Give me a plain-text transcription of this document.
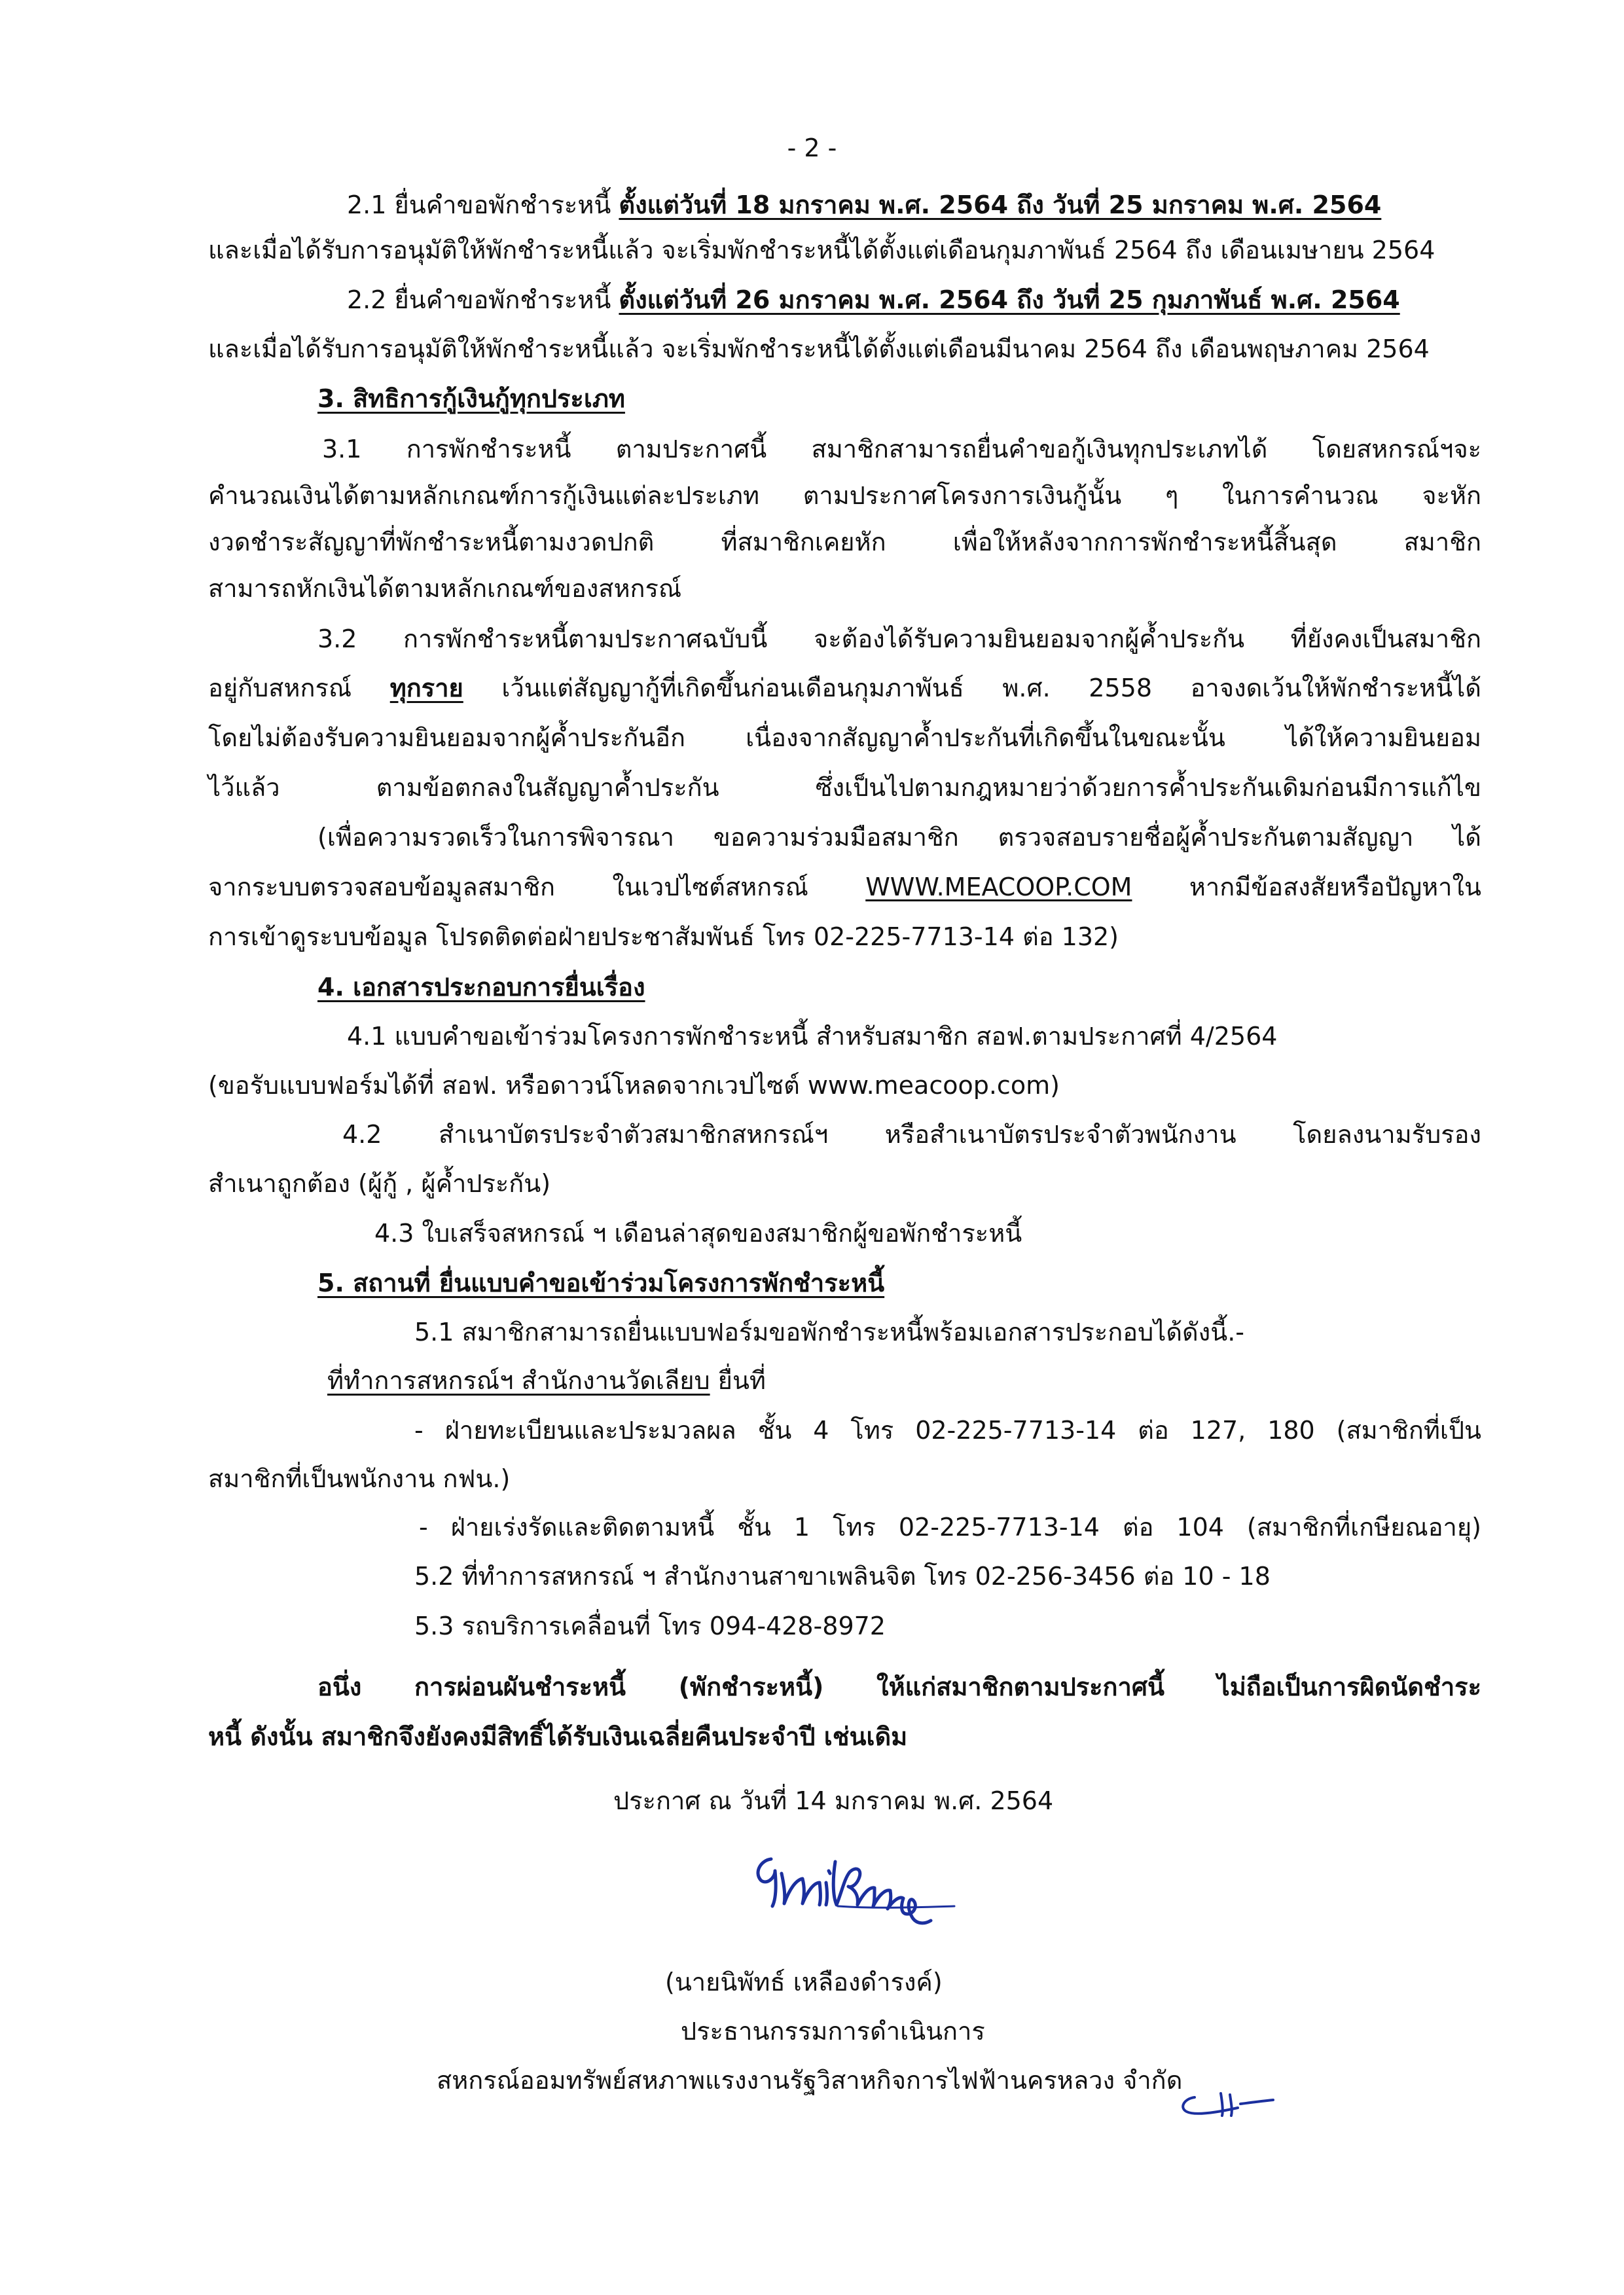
- 2 -
2.1 ยื่นคำขอพักชำระหนี้ ตั้งแต่วันที่ 18 มกราคม พ.ศ. 2564 ถึง วันที่ 25 มกราคม พ.ศ. 2564
และเมื่อได้รับการอนุมัติให้พักชำระหนี้แล้ว จะเริ่มพักชำระหนี้ได้ตั้งแต่เดือนกุมภาพันธ์ 2564 ถึง เดือนเมษายน 2564
2.2 ยื่นคำขอพักชำระหนี้ ตั้งแต่วันที่ 26 มกราคม พ.ศ. 2564 ถึง วันที่ 25 กุมภาพันธ์ พ.ศ. 2564
และเมื่อได้รับการอนุมัติให้พักชำระหนี้แล้ว จะเริ่มพักชำระหนี้ได้ตั้งแต่เดือนมีนาคม 2564 ถึง เดือนพฤษภาคม 2564
3. สิทธิการกู้เงินกู้ทุกประเภท
3.1 การพักชำระหนี้ ตามประกาศนี้ สมาชิกสามารถยื่นคำขอกู้เงินทุกประเภทได้ โดยสหกรณ์ฯจะ
คำนวณเงินได้ตามหลักเกณฑ์การกู้เงินแต่ละประเภท ตามประกาศโครงการเงินกู้นั้น ๆ ในการคำนวณ จะหัก
งวดชำระสัญญาที่พักชำระหนี้ตามงวดปกติ ที่สมาชิกเคยหัก เพื่อให้หลังจากการพักชำระหนี้สิ้นสุด สมาชิก
สามารถหักเงินได้ตามหลักเกณฑ์ของสหกรณ์
3.2 การพักชำระหนี้ตามประกาศฉบับนี้ จะต้องได้รับความยินยอมจากผู้ค้ำประกัน ที่ยังคงเป็นสมาชิก
อยู่กับสหกรณ์ ทุกราย เว้นแต่สัญญากู้ที่เกิดขึ้นก่อนเดือนกุมภาพันธ์ พ.ศ. 2558 อาจงดเว้นให้พักชำระหนี้ได้
โดยไม่ต้องรับความยินยอมจากผู้ค้ำประกันอีก เนื่องจากสัญญาค้ำประกันที่เกิดขึ้นในขณะนั้น ได้ให้ความยินยอม
ไว้แล้ว ตามข้อตกลงในสัญญาค้ำประกัน ซึ่งเป็นไปตามกฎหมายว่าด้วยการค้ำประกันเดิมก่อนมีการแก้ไข
(เพื่อความรวดเร็วในการพิจารณา ขอความร่วมมือสมาชิก ตรวจสอบรายชื่อผู้ค้ำประกันตามสัญญา ได้
จากระบบตรวจสอบข้อมูลสมาชิก ในเวปไซต์สหกรณ์ WWW.MEACOOP.COM หากมีข้อสงสัยหรือปัญหาใน
การเข้าดูระบบข้อมูล โปรดติดต่อฝ่ายประชาสัมพันธ์ โทร 02-225-7713-14 ต่อ 132)
4. เอกสารประกอบการยื่นเรื่อง
4.1 แบบคำขอเข้าร่วมโครงการพักชำระหนี้ สำหรับสมาชิก สอฟ.ตามประกาศที่ 4/2564
(ขอรับแบบฟอร์มได้ที่ สอฟ. หรือดาวน์โหลดจากเวปไซต์ www.meacoop.com)
4.2 สำเนาบัตรประจำตัวสมาชิกสหกรณ์ฯ หรือสำเนาบัตรประจำตัวพนักงาน โดยลงนามรับรอง
สำเนาถูกต้อง (ผู้กู้ , ผู้ค้ำประกัน)
4.3 ใบเสร็จสหกรณ์ ฯ เดือนล่าสุดของสมาชิกผู้ขอพักชำระหนี้
5. สถานที่ ยื่นแบบคำขอเข้าร่วมโครงการพักชำระหนี้
5.1 สมาชิกสามารถยื่นแบบฟอร์มขอพักชำระหนี้พร้อมเอกสารประกอบได้ดังนี้.-
ที่ทำการสหกรณ์ฯ สำนักงานวัดเลียบ ยื่นที่
- ฝ่ายทะเบียนและประมวลผล ชั้น 4 โทร 02-225-7713-14 ต่อ 127, 180 (สมาชิกที่เป็น
สมาชิกที่เป็นพนักงาน กฟน.)
- ฝ่ายเร่งรัดและติดตามหนี้ ชั้น 1 โทร 02-225-7713-14 ต่อ 104 (สมาชิกที่เกษียณอายุ)
5.2 ที่ทำการสหกรณ์ ฯ สำนักงานสาขาเพลินจิต โทร 02-256-3456 ต่อ 10 - 18
5.3 รถบริการเคลื่อนที่ โทร 094-428-8972
อนึ่ง การผ่อนผันชำระหนี้ (พักชำระหนี้) ให้แก่สมาชิกตามประกาศนี้ ไม่ถือเป็นการผิดนัดชำระ
หนี้ ดังนั้น สมาชิกจึงยังคงมีสิทธิ์ได้รับเงินเฉลี่ยคืนประจำปี เช่นเดิม
ประกาศ ณ วันที่ 14 มกราคม พ.ศ. 2564
(นายนิพัทธ์ เหลืองดำรงค์)
ประธานกรรมการดำเนินการ
สหกรณ์ออมทรัพย์สหภาพแรงงานรัฐวิสาหกิจการไฟฟ้านครหลวง จำกัด
